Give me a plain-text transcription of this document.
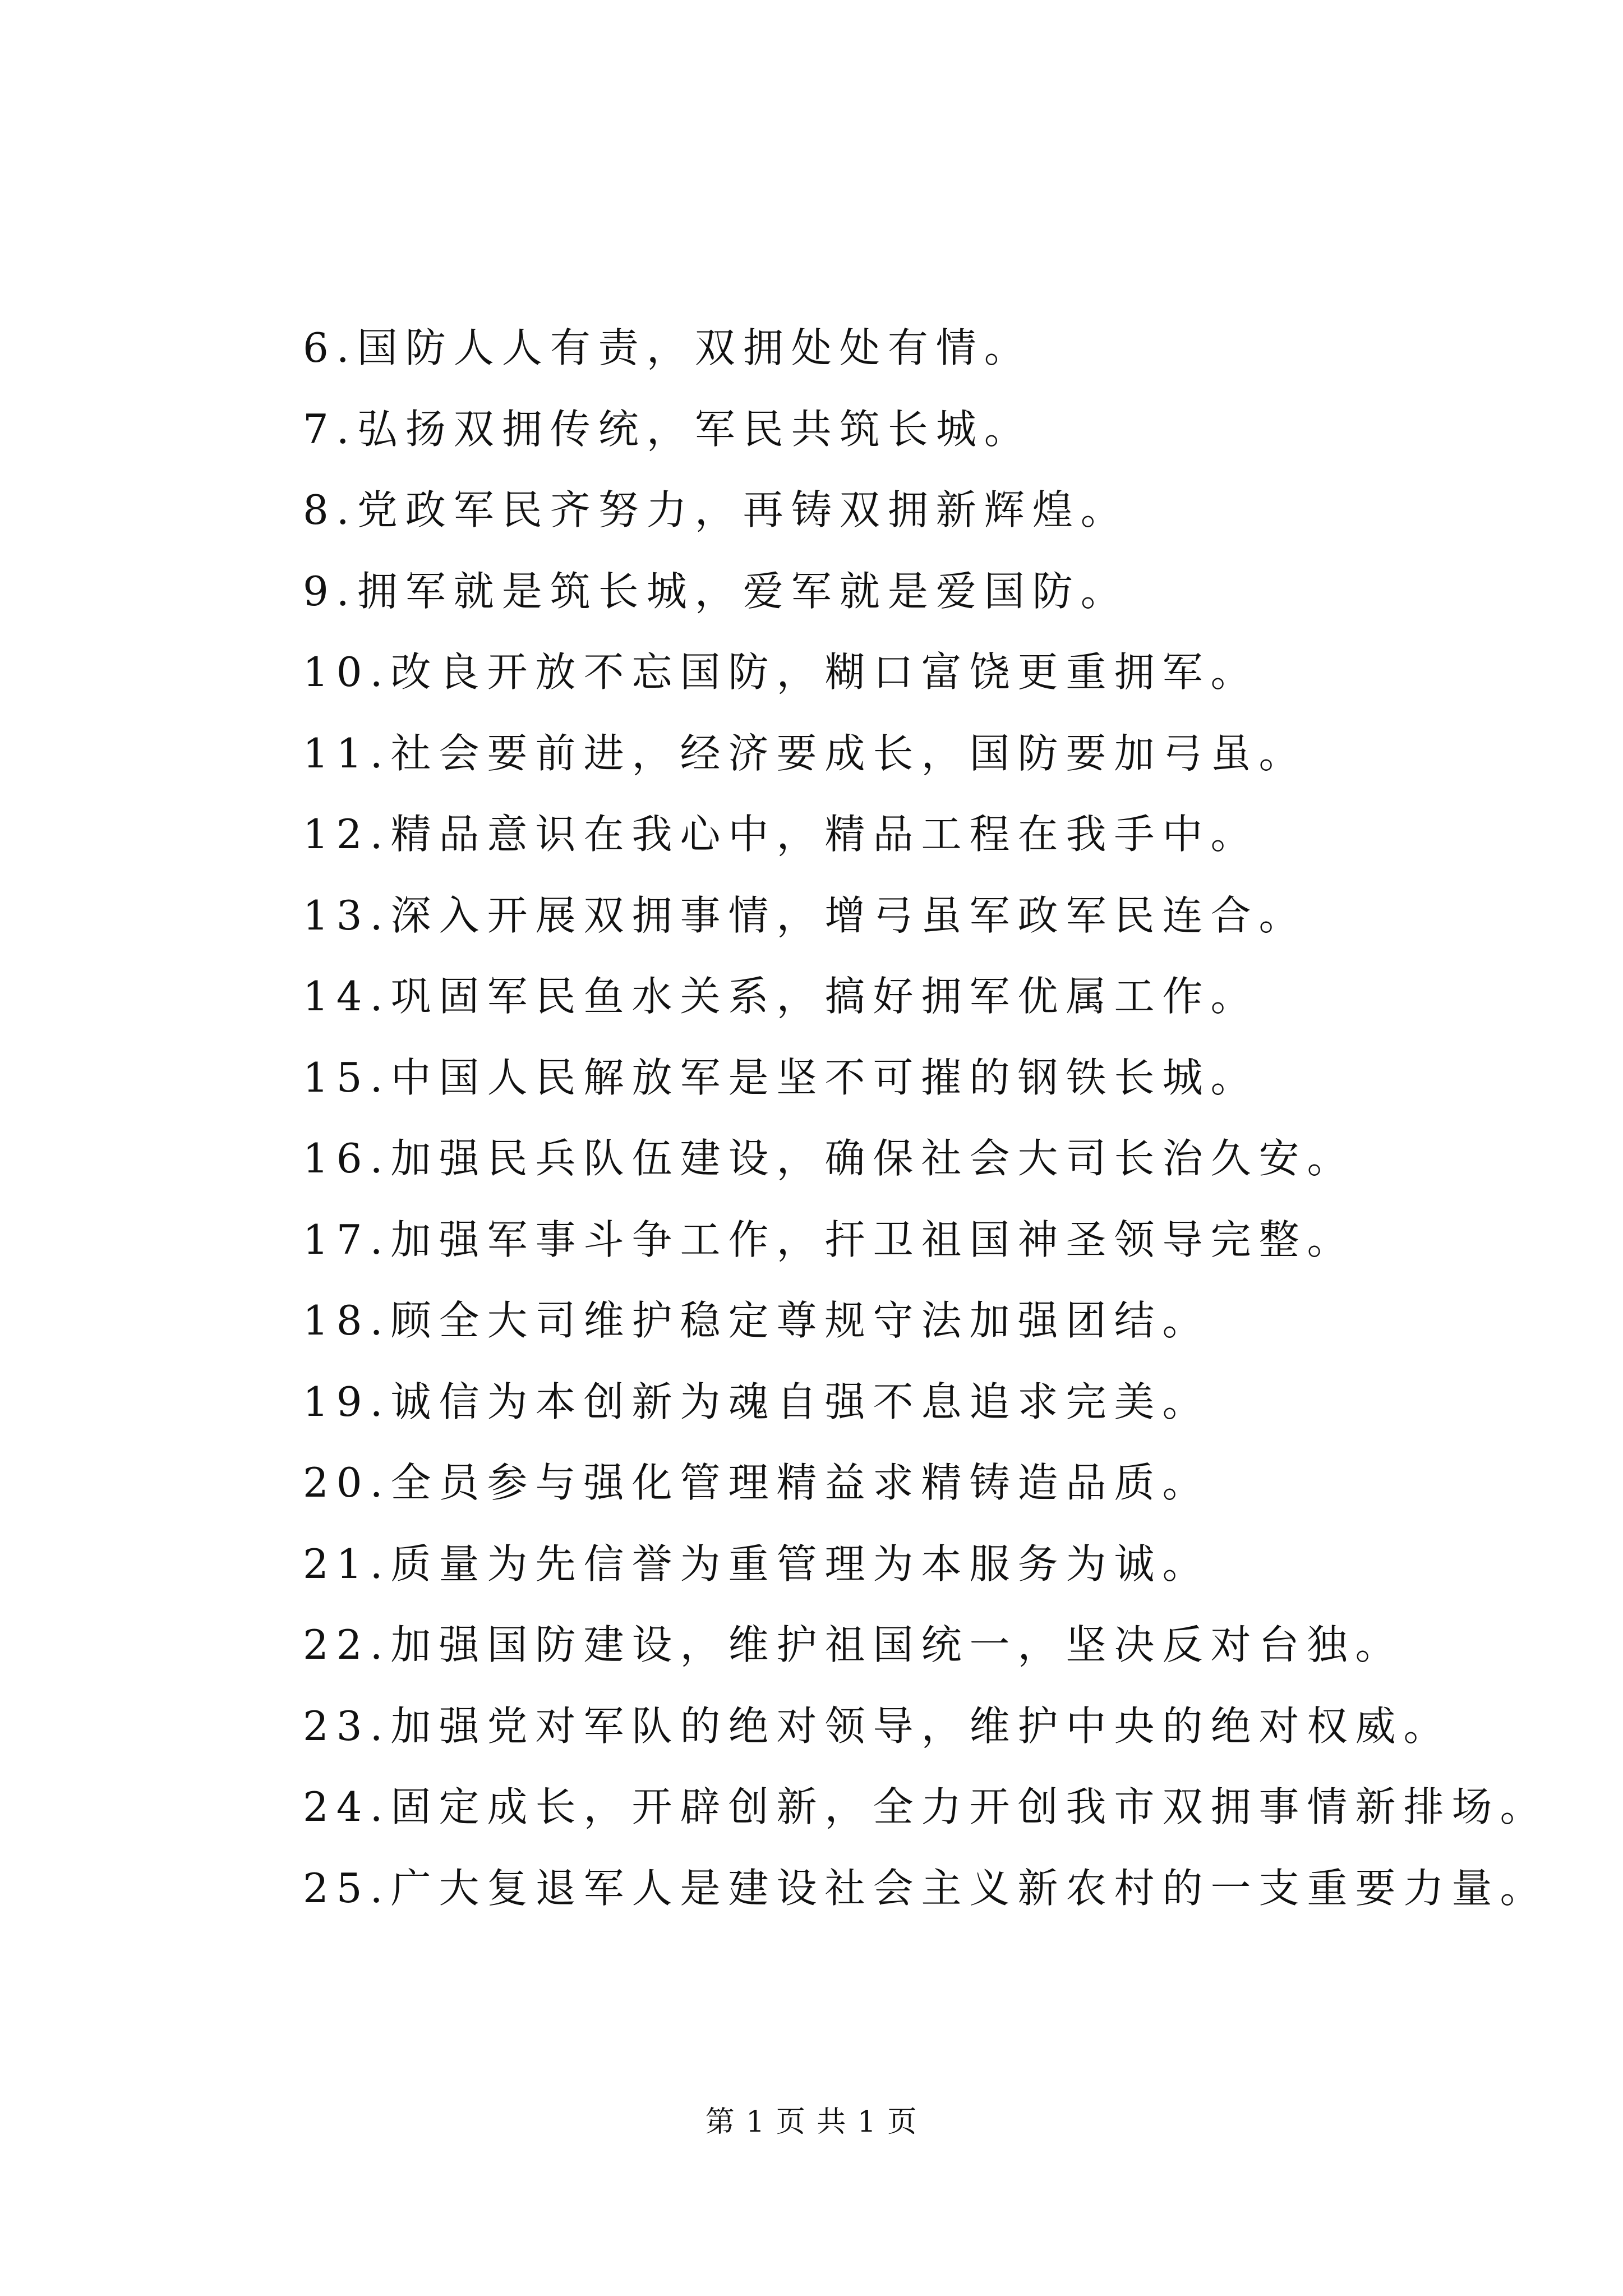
6.国防人人有责，双拥处处有情。
7.弘扬双拥传统，军民共筑长城。
8.党政军民齐努力，再铸双拥新辉煌。
9.拥军就是筑长城，爱军就是爱国防。
10.改良开放不忘国防，糊口富饶更重拥军。
11.社会要前进，经济要成长，国防要加弓虽。
12.精品意识在我心中，精品工程在我手中。
13.深入开展双拥事情，增弓虽军政军民连合。
14.巩固军民鱼水关系，搞好拥军优属工作。
15.中国人民解放军是坚不可摧的钢铁长城。
16.加强民兵队伍建设，确保社会大司长治久安。
17.加强军事斗争工作，扞卫祖国神圣领导完整。
18.顾全大司维护稳定尊规守法加强团结。
19.诚信为本创新为魂自强不息追求完美。
20.全员参与强化管理精益求精铸造品质。
21.质量为先信誉为重管理为本服务为诚。
22.加强国防建设，维护祖国统一，坚决反对台独。
23.加强党对军队的绝对领导，维护中央的绝对权威。
24.固定成长，开辟创新，全力开创我市双拥事情新排场。
25.广大复退军人是建设社会主义新农村的一支重要力量。
第 1 页 共 1 页
